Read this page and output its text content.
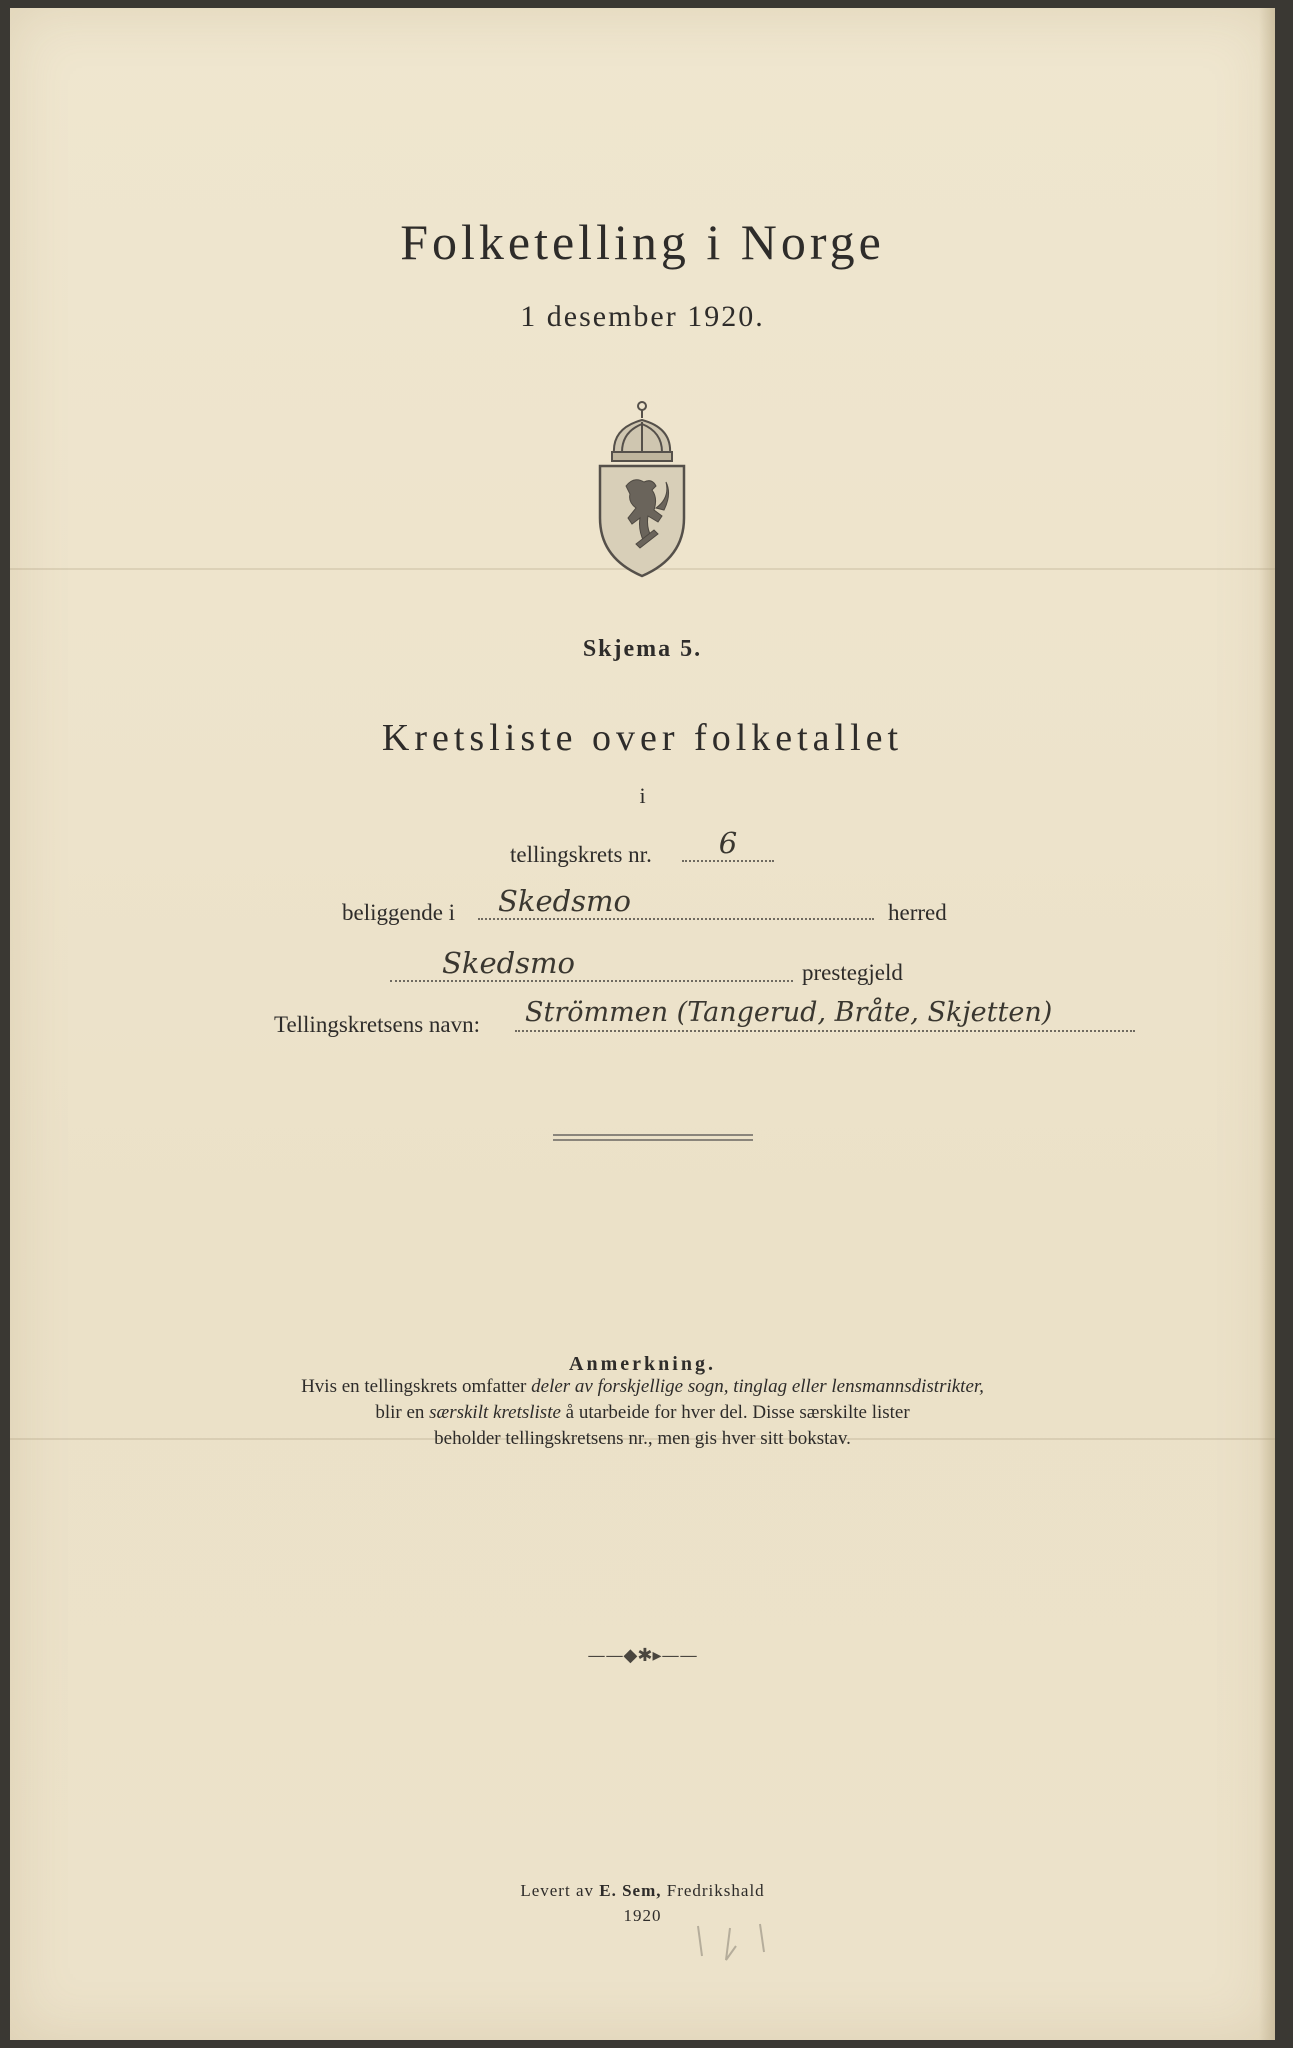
Folketelling i Norge
1 desember 1920.
Skjema 5.
Kretsliste over folketallet
i
tellingskrets nr.	6
beliggende i	Skedsmo	herred
Skedsmo	prestegjeld
Tellingskretsens navn:	Strömmen (Tangerud, Bråte, Skjetten)
Anmerkning.
Hvis en tellingskrets omfatter deler av forskjellige sogn, tinglag eller lensmannsdistrikter,
blir en særskilt kretsliste å utarbeide for hver del. Disse særskilte lister
beholder tellingskretsens nr., men gis hver sitt bokstav.
——◆✱▸——
Levert av E. Sem, Fredrikshald
1920
